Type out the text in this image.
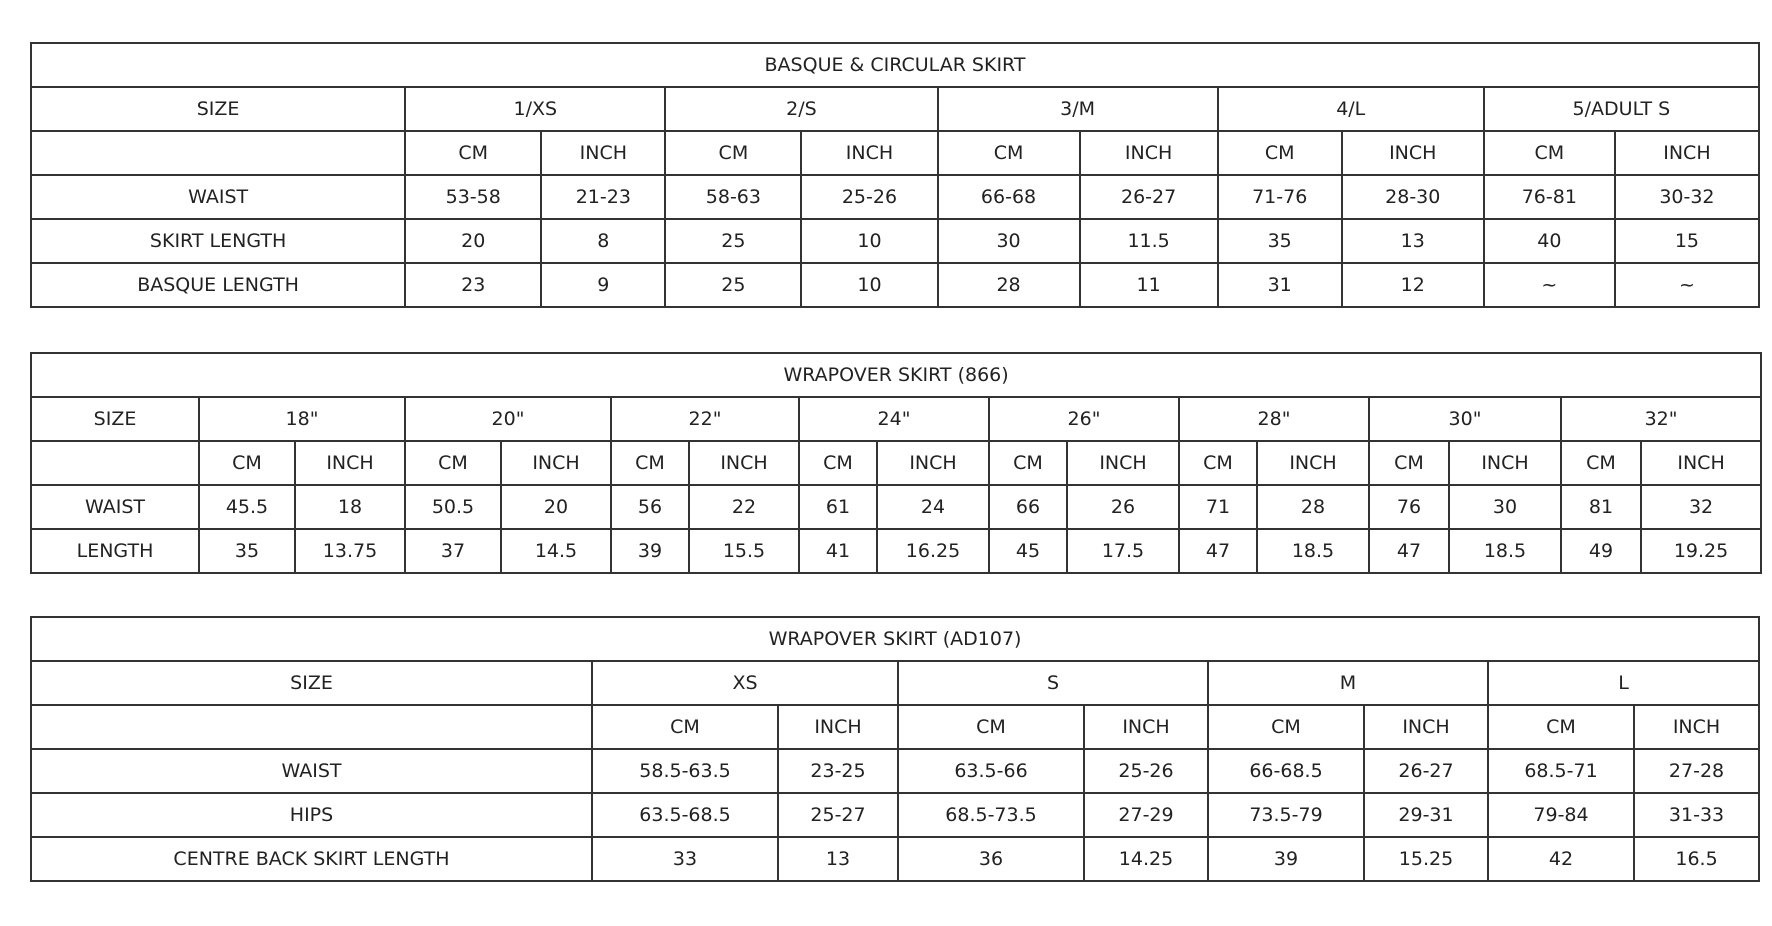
BASQUE & CIRCULAR SKIRT										
SIZE	1/XS		2/S		3/M		4/L		5/ADULT S	
	CM	INCH	CM	INCH	CM	INCH	CM	INCH	CM	INCH
WAIST	53-58	21-23	58-63	25-26	66-68	26-27	71-76	28-30	76-81	30-32
SKIRT LENGTH	20	8	25	10	30	11.5	35	13	40	15
BASQUE LENGTH	23	9	25	10	28	11	31	12	~	~
WRAPOVER SKIRT (866)																
SIZE	18"		20"		22"		24"		26"		28"		30"		32"	
	CM	INCH	CM	INCH	CM	INCH	CM	INCH	CM	INCH	CM	INCH	CM	INCH	CM	INCH
WAIST	45.5	18	50.5	20	56	22	61	24	66	26	71	28	76	30	81	32
LENGTH	35	13.75	37	14.5	39	15.5	41	16.25	45	17.5	47	18.5	47	18.5	49	19.25
WRAPOVER SKIRT (AD107)								
SIZE	XS		S		M		L	
	CM	INCH	CM	INCH	CM	INCH	CM	INCH
WAIST	58.5-63.5	23-25	63.5-66	25-26	66-68.5	26-27	68.5-71	27-28
HIPS	63.5-68.5	25-27	68.5-73.5	27-29	73.5-79	29-31	79-84	31-33
CENTRE BACK SKIRT LENGTH	33	13	36	14.25	39	15.25	42	16.5
